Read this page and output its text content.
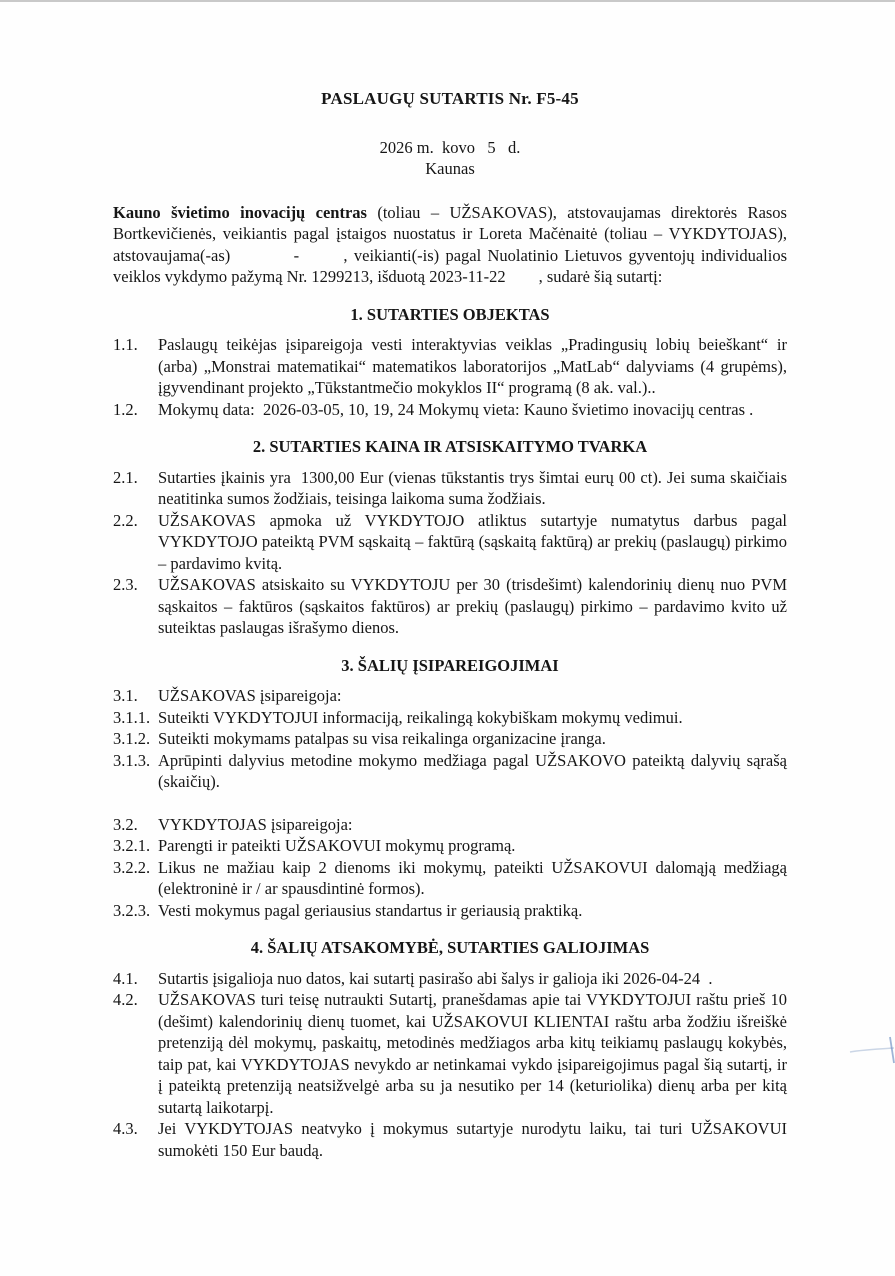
PASLAUGŲ SUTARTIS Nr. F5-45
2026 m.  kovo   5   d.
Kaunas

Kauno švietimo inovacijų centras (toliau – UŽSAKOVAS), atstovaujamas direktorės Rasos Bortkevičienės, veikiantis pagal įstaigos nuostatus ir Loreta Mačėnaitė (toliau – VYKDYTOJAS), atstovaujama(-as)          -       , veikianti(-is) pagal Nuolatinio Lietuvos gyventojų individualios veiklos vykdymo pažymą Nr. 1299213, išduotą 2023-11-22        , sudarė šią sutartį:

1. SUTARTIES OBJEKTAS
1.1.	Paslaugų teikėjas įsipareigoja vesti interaktyvias veiklas „Pradingusių lobių beieškant“ ir (arba) „Monstrai matematikai“ matematikos laboratorijos „MatLab“ dalyviams (4 grupėms), įgyvendinant projekto „Tūkstantmečio mokyklos II“ programą (8 ak. val.)..
1.2.	Mokymų data:  2026-03-05, 10, 19, 24 Mokymų vieta: Kauno švietimo inovacijų centras .
2. SUTARTIES KAINA IR ATSISKAITYMO TVARKA
2.1.	Sutarties įkainis yra  1300,00 Eur (vienas tūkstantis trys šimtai eurų 00 ct). Jei suma skaičiais neatitinka sumos žodžiais, teisinga laikoma suma žodžiais.
2.2.	UŽSAKOVAS apmoka už VYKDYTOJO atliktus sutartyje numatytus darbus pagal VYKDYTOJO pateiktą PVM sąskaitą – faktūrą (sąskaitą faktūrą) ar prekių (paslaugų) pirkimo – pardavimo kvitą.
2.3.	UŽSAKOVAS atsiskaito su VYKDYTOJU per 30 (trisdešimt) kalendorinių dienų nuo PVM sąskaitos – faktūros (sąskaitos faktūros) ar prekių (paslaugų) pirkimo – pardavimo kvito už suteiktas paslaugas išrašymo dienos.
3. ŠALIŲ ĮSIPAREIGOJIMAI
3.1.	UŽSAKOVAS įsipareigoja:
3.1.1. Suteikti VYKDYTOJUI informaciją, reikalingą kokybiškam mokymų vedimui.
3.1.2. Suteikti mokymams patalpas su visa reikalinga organizacine įranga.
3.1.3. Aprūpinti dalyvius metodine mokymo medžiaga pagal UŽSAKOVO pateiktą dalyvių sąrašą (skaičių).
3.2.	VYKDYTOJAS įsipareigoja:
3.2.1. Parengti ir pateikti UŽSAKOVUI mokymų programą.
3.2.2. Likus ne mažiau kaip 2 dienoms iki mokymų, pateikti UŽSAKOVUI dalomąją medžiagą (elektroninė ir / ar spausdintinė formos).
3.2.3. Vesti mokymus pagal geriausius standartus ir geriausią praktiką.
4. ŠALIŲ ATSAKOMYBĖ, SUTARTIES GALIOJIMAS
4.1.	Sutartis įsigalioja nuo datos, kai sutartį pasirašo abi šalys ir galioja iki 2026-04-24  .
4.2.	UŽSAKOVAS turi teisę nutraukti Sutartį, pranešdamas apie tai VYKDYTOJUI raštu prieš 10 (dešimt) kalendorinių dienų tuomet, kai UŽSAKOVUI KLIENTAI raštu arba žodžiu išreiškė pretenziją dėl mokymų, paskaitų, metodinės medžiagos arba kitų teikiamų paslaugų kokybės, taip pat, kai VYKDYTOJAS nevykdo ar netinkamai vykdo įsipareigojimus pagal šią sutartį, ir į pateiktą pretenziją neatsižvelgė arba su ja nesutiko per 14 (keturiolika) dienų arba per kitą sutartą laikotarpį.
4.3.	Jei VYKDYTOJAS neatvyko į mokymus sutartyje nurodytu laiku, tai turi UŽSAKOVUI sumokėti 150 Eur baudą.
